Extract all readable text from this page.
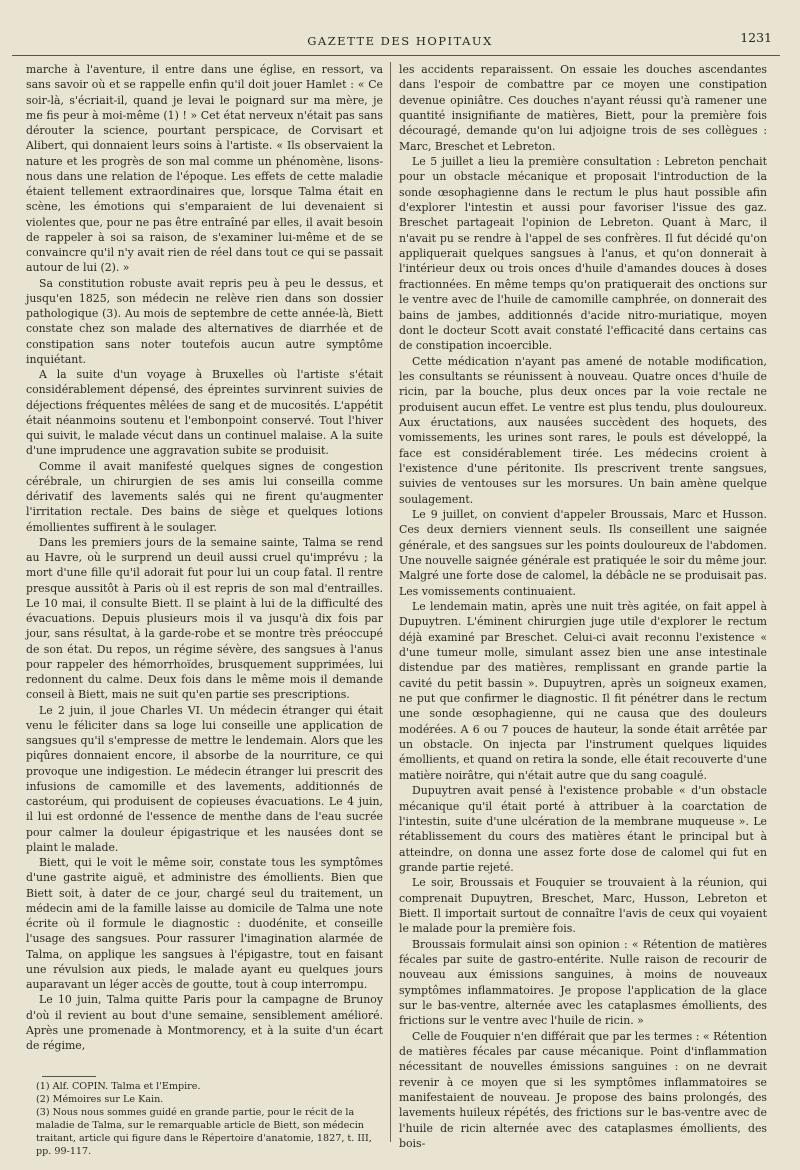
GAZETTE DES HOPITAUX	1231

marche à l'aventure, il entre dans une église, en ressort, va sans savoir où et se rappelle enfin qu'il doit jouer Hamlet : « Ce soir-là, s'écriait-il, quand je levai le poignard sur ma mère, je me fis peur à moi-même (1) ! » Cet état nerveux n'était pas sans dérouter la science, pourtant perspicace, de Corvisart et Alibert, qui donnaient leurs soins à l'artiste. « Ils observaient la nature et les progrès de son mal comme un phénomène, lisons-nous dans une relation de l'époque. Les effets de cette maladie étaient tellement extraordinaires que, lorsque Talma était en scène, les émotions qui s'emparaient de lui devenaient si violentes que, pour ne pas être entraîné par elles, il avait besoin de rappeler à soi sa raison, de s'examiner lui-même et de se convaincre qu'il n'y avait rien de réel dans tout ce qui se passait autour de lui (2). »

Sa constitution robuste avait repris peu à peu le dessus, et jusqu'en 1825, son médecin ne relève rien dans son dossier pathologique (3). Au mois de septembre de cette année-là, Biett constate chez son malade des alternatives de diarrhée et de constipation sans noter toutefois aucun autre symptôme inquiétant.

A la suite d'un voyage à Bruxelles où l'artiste s'était considérablement dépensé, des épreintes survinrent suivies de déjections fréquentes mêlées de sang et de mucosités. L'appétit était néanmoins soutenu et l'embonpoint conservé. Tout l'hiver qui suivit, le malade vécut dans un continuel malaise. A la suite d'une imprudence une aggravation subite se produisit.

Comme il avait manifesté quelques signes de congestion cérébrale, un chirurgien de ses amis lui conseilla comme dérivatif des lavements salés qui ne firent qu'augmenter l'irritation rectale. Des bains de siège et quelques lotions émollientes suffirent à le soulager.

Dans les premiers jours de la semaine sainte, Talma se rend au Havre, où le surprend un deuil aussi cruel qu'imprévu ; la mort d'une fille qu'il adorait fut pour lui un coup fatal. Il rentre presque aussitôt à Paris où il est repris de son mal d'entrailles. Le 10 mai, il consulte Biett. Il se plaint à lui de la difficulté des évacuations. Depuis plusieurs mois il va jusqu'à dix fois par jour, sans résultat, à la garde-robe et se montre très préoccupé de son état. Du repos, un régime sévère, des sangsues à l'anus pour rappeler des hémorrhoïdes, brusquement supprimées, lui redonnent du calme. Deux fois dans le même mois il demande conseil à Biett, mais ne suit qu'en partie ses prescriptions.

Le 2 juin, il joue Charles VI. Un médecin étranger qui était venu le féliciter dans sa loge lui conseille une application de sangsues qu'il s'empresse de mettre le lendemain. Alors que les piqûres donnaient encore, il absorbe de la nourriture, ce qui provoque une indigestion. Le médecin étranger lui prescrit des infusions de camomille et des lavements, additionnés de castoréum, qui produisent de copieuses évacuations. Le 4 juin, il lui est ordonné de l'essence de menthe dans de l'eau sucrée pour calmer la douleur épigastrique et les nausées dont se plaint le malade.

Biett, qui le voit le même soir, constate tous les symptômes d'une gastrite aiguë, et administre des émollients. Bien que Biett soit, à dater de ce jour, chargé seul du traitement, un médecin ami de la famille laisse au domicile de Talma une note écrite où il formule le diagnostic : duodénite, et conseille l'usage des sangsues. Pour rassurer l'imagination alarmée de Talma, on applique les sangsues à l'épigastre, tout en faisant une révulsion aux pieds, le malade ayant eu quelques jours auparavant un léger accès de goutte, tout à coup interrompu.

Le 10 juin, Talma quitte Paris pour la campagne de Brunoy d'où il revient au bout d'une semaine, sensiblement amélioré. Après une promenade à Montmorency, et à la suite d'un écart de régime,

(1) Alf. COPIN. Talma et l'Empire.

(2) Mémoires sur Le Kain.

(3) Nous nous sommes guidé en grande partie, pour le récit de la maladie de Talma, sur le remarquable article de Biett, son médecin traitant, article qui figure dans le Répertoire d'anatomie, 1827, t. III, pp. 99-117.

les accidents reparaissent. On essaie les douches ascendantes dans l'espoir de combattre par ce moyen une constipation devenue opiniâtre. Ces douches n'ayant réussi qu'à ramener une quantité insignifiante de matières, Biett, pour la première fois découragé, demande qu'on lui adjoigne trois de ses collègues : Marc, Breschet et Lebreton.

Le 5 juillet a lieu la première consultation : Lebreton penchait pour un obstacle mécanique et proposait l'introduction de la sonde œsophagienne dans le rectum le plus haut possible afin d'explorer l'intestin et aussi pour favoriser l'issue des gaz. Breschet partageait l'opinion de Lebreton. Quant à Marc, il n'avait pu se rendre à l'appel de ses confrères. Il fut décidé qu'on appliquerait quelques sangsues à l'anus, et qu'on donnerait à l'intérieur deux ou trois onces d'huile d'amandes douces à doses fractionnées. En même temps qu'on pratiquerait des onctions sur le ventre avec de l'huile de camomille camphrée, on donnerait des bains de jambes, additionnés d'acide nitro-muriatique, moyen dont le docteur Scott avait constaté l'efficacité dans certains cas de constipation incoercible.

Cette médication n'ayant pas amené de notable modification, les consultants se réunissent à nouveau. Quatre onces d'huile de ricin, par la bouche, plus deux onces par la voie rectale ne produisent aucun effet. Le ventre est plus tendu, plus douloureux. Aux éructations, aux nausées succèdent des hoquets, des vomissements, les urines sont rares, le pouls est développé, la face est considérablement tirée. Les médecins croient à l'existence d'une péritonite. Ils prescrivent trente sangsues, suivies de ventouses sur les morsures. Un bain amène quelque soulagement.

Le 9 juillet, on convient d'appeler Broussais, Marc et Husson. Ces deux derniers viennent seuls. Ils conseillent une saignée générale, et des sangsues sur les points douloureux de l'abdomen. Une nouvelle saignée générale est pratiquée le soir du même jour. Malgré une forte dose de calomel, la débâcle ne se produisait pas. Les vomissements continuaient.

Le lendemain matin, après une nuit très agitée, on fait appel à Dupuytren. L'éminent chirurgien juge utile d'explorer le rectum déjà examiné par Breschet. Celui-ci avait reconnu l'existence « d'une tumeur molle, simulant assez bien une anse intestinale distendue par des matières, remplissant en grande partie la cavité du petit bassin ». Dupuytren, après un soigneux examen, ne put que confirmer le diagnostic. Il fit pénétrer dans le rectum une sonde œsophagienne, qui ne causa que des douleurs modérées. A 6 ou 7 pouces de hauteur, la sonde était arrêtée par un obstacle. On injecta par l'instrument quelques liquides émollients, et quand on retira la sonde, elle était recouverte d'une matière noirâtre, qui n'était autre que du sang coagulé.

Dupuytren avait pensé à l'existence probable « d'un obstacle mécanique qu'il était porté à attribuer à la coarctation de l'intestin, suite d'une ulcération de la membrane muqueuse ». Le rétablissement du cours des matières étant le principal but à atteindre, on donna une assez forte dose de calomel qui fut en grande partie rejeté.

Le soir, Broussais et Fouquier se trouvaient à la réunion, qui comprenait Dupuytren, Breschet, Marc, Husson, Lebreton et Biett. Il importait surtout de connaître l'avis de ceux qui voyaient le malade pour la première fois.

Broussais formulait ainsi son opinion : « Rétention de matières fécales par suite de gastro-entérite. Nulle raison de recourir de nouveau aux émissions sanguines, à moins de nouveaux symptômes inflammatoires. Je propose l'application de la glace sur le bas-ventre, alternée avec les cataplasmes émollients, des frictions sur le ventre avec l'huile de ricin. »

Celle de Fouquier n'en différait que par les termes : « Rétention de matières fécales par cause mécanique. Point d'inflammation nécessitant de nouvelles émissions sanguines : on ne devrait revenir à ce moyen que si les symptômes inflammatoires se manifestaient de nouveau. Je propose des bains prolongés, des lavements huileux répétés, des frictions sur le bas-ventre avec de l'huile de ricin alternée avec des cataplasmes émollients, des bois-
